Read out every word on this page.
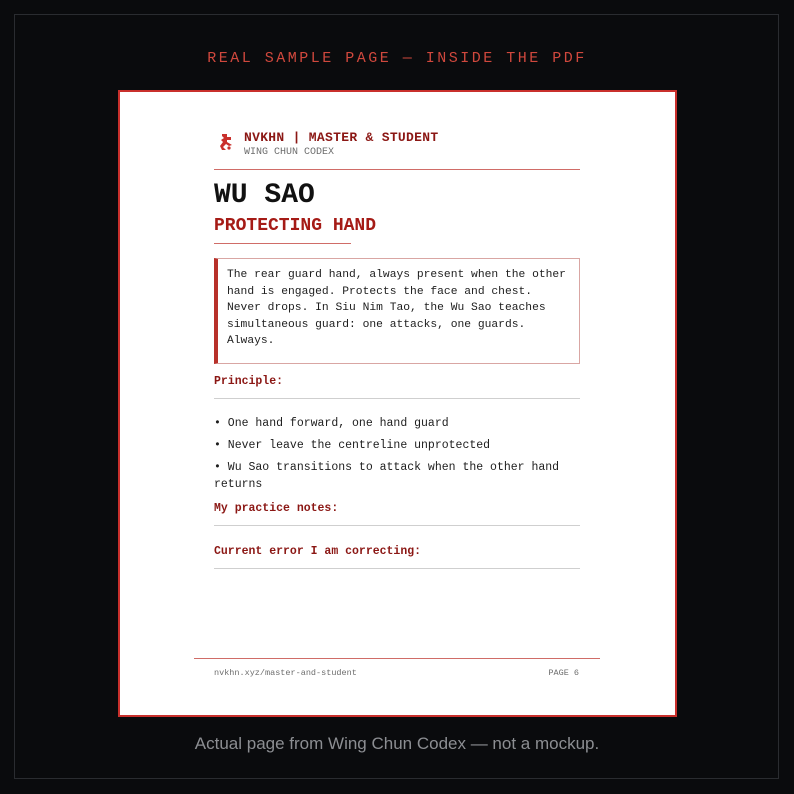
REAL SAMPLE PAGE — INSIDE THE PDF
NVKHN | MASTER & STUDENT
WING CHUN CODEX
WU SAO
PROTECTING HAND
The rear guard hand, always present when the other hand is engaged. Protects the face and chest. Never drops. In Siu Nim Tao, the Wu Sao teaches simultaneous guard: one attacks, one guards. Always.
Principle:
• One hand forward, one hand guard
• Never leave the centreline unprotected
• Wu Sao transitions to attack when the other hand returns
My practice notes:
Current error I am correcting:
nvkhn.xyz/master-and-student	PAGE 6
Actual page from Wing Chun Codex — not a mockup.
